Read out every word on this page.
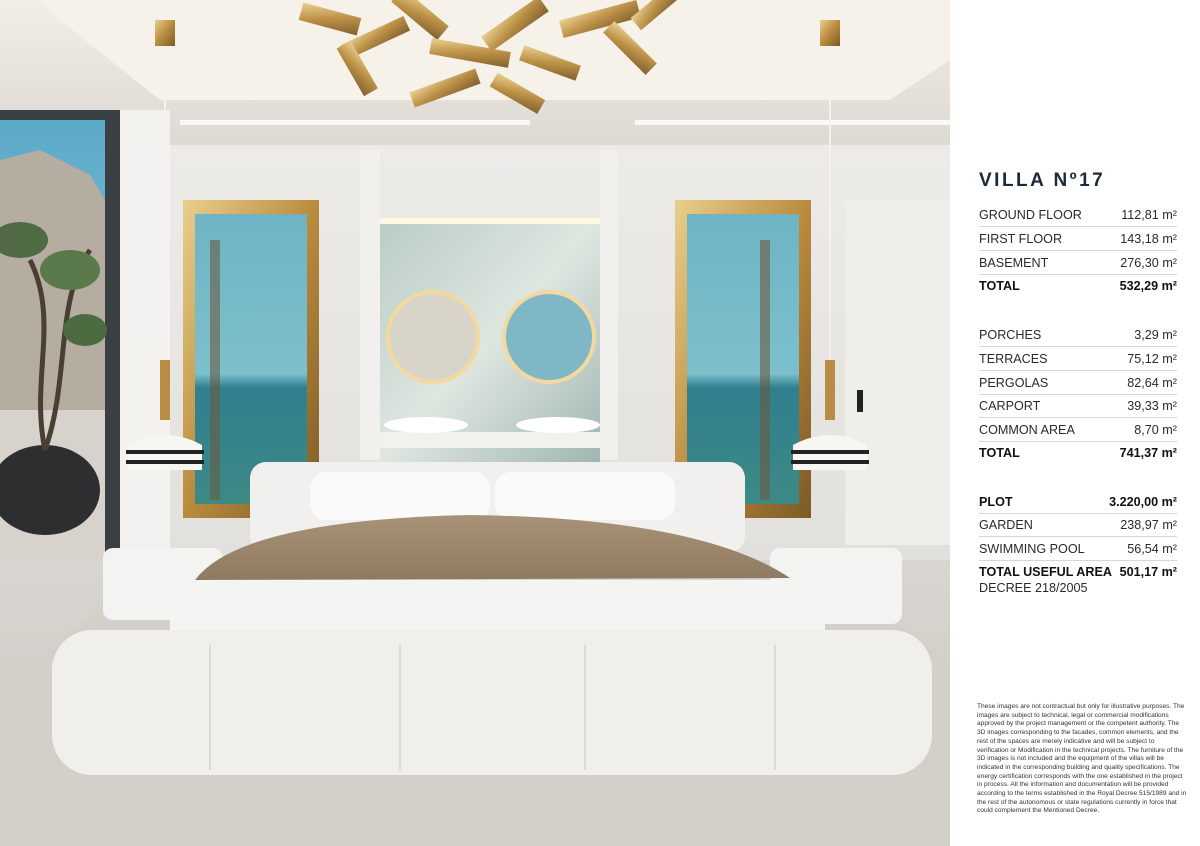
VILLA Nº17
GROUND FLOOR	112,81 m²
FIRST FLOOR	143,18 m²
BASEMENT	276,30 m²
TOTAL	532,29 m²
PORCHES	3,29 m²
TERRACES	75,12 m²
PERGOLAS	82,64 m²
CARPORT	39,33 m²
COMMON AREA	8,70 m²
TOTAL	741,37 m²
PLOT	3.220,00 m²
GARDEN	238,97 m²
SWIMMING POOL	56,54 m²
TOTAL USEFUL AREA 501,17 m²
DECREE 218/2005
These images are not contractual but only for illustrative purposes. The images are subject to technical, legal or commercial modifications approved by the project management or the competent authority. The 3D images corresponding to the facades, common elements, and the rest of the spaces are merely indicative and will be subject to verification or Modification in the technical projects. The furniture of the 3D images is not included and the equipment of the villas will be indicated in the corresponding building and quality specifications. The energy certification corresponds with the one established in the project in process. All the information and documentation will be provided according to the terms established in the Royal Decree 515/1989 and in the rest of the autonomous or state regulations currently in force that could complement the Mentioned Decree.
